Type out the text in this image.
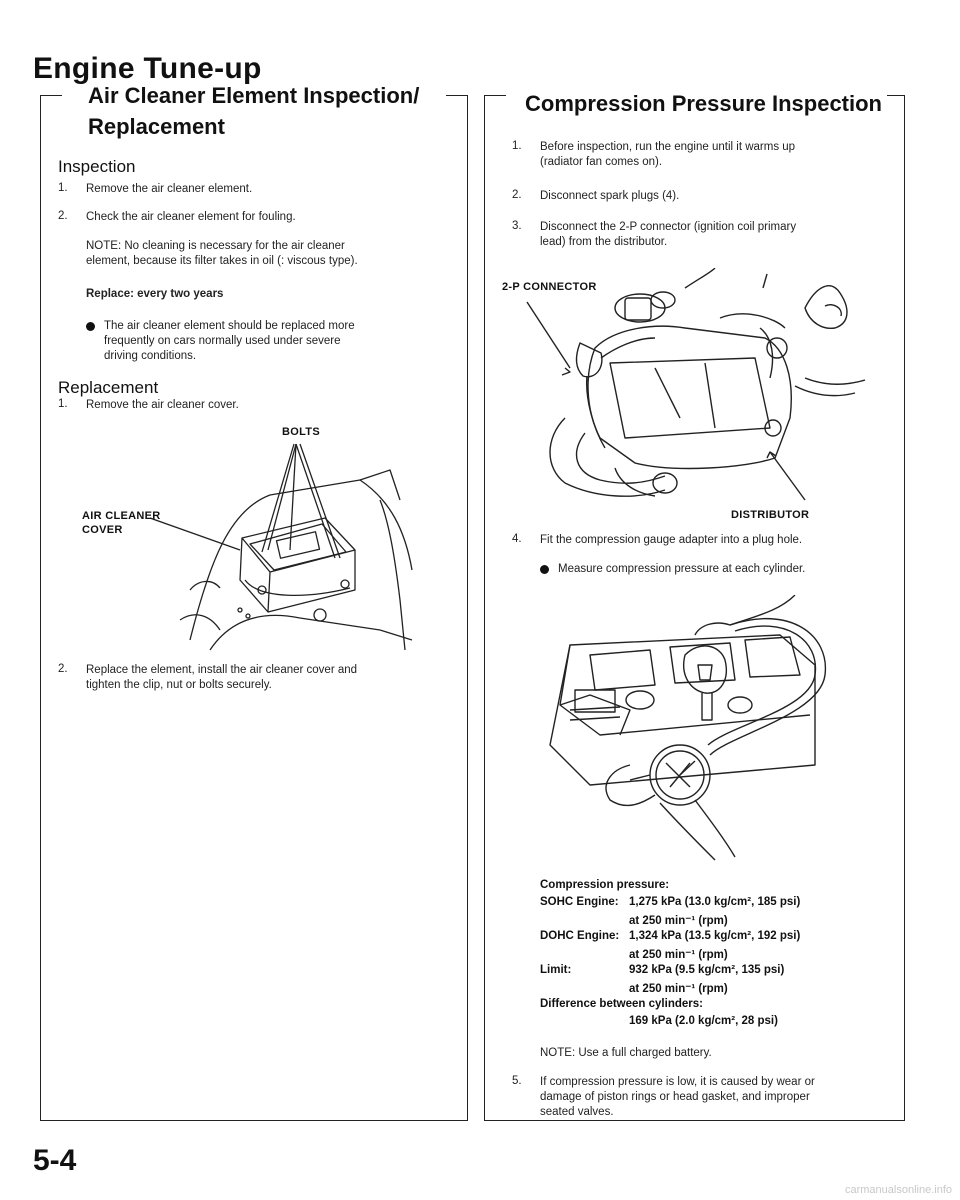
Engine Tune-up
Air Cleaner Element Inspection/
Replacement
Inspection
1. Remove the air cleaner element.
2. Check the air cleaner element for fouling.
NOTE: No cleaning is necessary for the air cleaner
element, because its filter takes in oil (: viscous type).
Replace: every two years
The air cleaner element should be replaced more
frequently on cars normally used under severe
driving conditions.
Replacement
1. Remove the air cleaner cover.
BOLTS
AIR CLEANER
COVER
2. Replace the element, install the air cleaner cover and
tighten the clip, nut or bolts securely.
Compression Pressure Inspection
1. Before inspection, run the engine until it warms up
(radiator fan comes on).
2. Disconnect spark plugs (4).
3. Disconnect the 2-P connector (ignition coil primary
lead) from the distributor.
2-P CONNECTOR
DISTRIBUTOR
4. Fit the compression gauge adapter into a plug hole.
Measure compression pressure at each cylinder.
Compression pressure:
SOHC Engine: 1,275 kPa (13.0 kg/cm², 185 psi)
at 250 min⁻¹ (rpm)
DOHC Engine: 1,324 kPa (13.5 kg/cm², 192 psi)
at 250 min⁻¹ (rpm)
Limit:	932 kPa (9.5 kg/cm², 135 psi)
at 250 min⁻¹ (rpm)
Difference between cylinders:
169 kPa (2.0 kg/cm², 28 psi)
NOTE: Use a full charged battery.
5. If compression pressure is low, it is caused by wear or
damage of piston rings or head gasket, and improper
seated valves.
5-4
carmanualsonline.info
